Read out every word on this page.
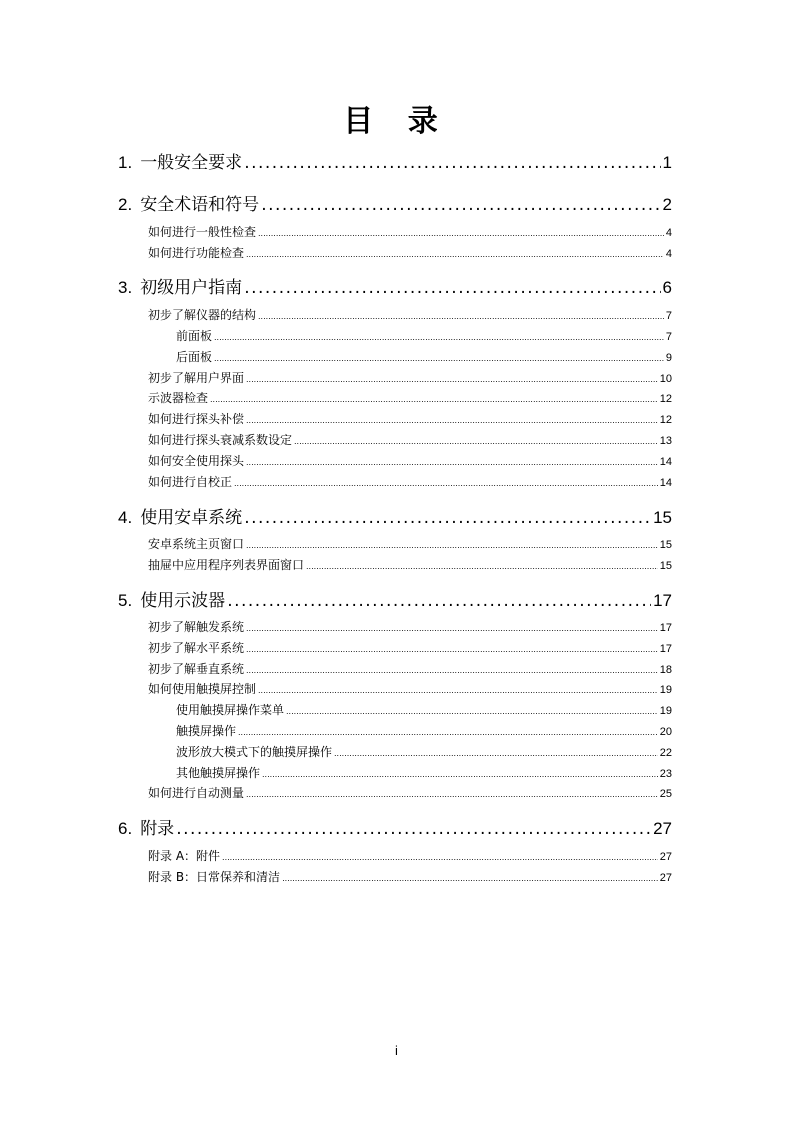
目 录
1. 一般安全要求 .....	1
2. 安全术语和符号 .....	2
如何进行一般性检查 .....	4
如何进行功能检查 .....	4
3. 初级用户指南 .....	6
初步了解仪器的结构 .....	7
前面板 .....	7
后面板 .....	9
初步了解用户界面 .....	10
示波器检查 .....	12
如何进行探头补偿 .....	12
如何进行探头衰减系数设定 .....	13
如何安全使用探头 .....	14
如何进行自校正 .....	14
4. 使用安卓系统 .....	15
安卓系统主页窗口 .....	15
抽屉中应用程序列表界面窗口 .....	15
5. 使用示波器 .....	17
初步了解触发系统 .....	17
初步了解水平系统 .....	17
初步了解垂直系统 .....	18
如何使用触摸屏控制 .....	19
使用触摸屏操作菜单 .....	19
触摸屏操作 .....	20
波形放大模式下的触摸屏操作 .....	22
其他触摸屏操作 .....	23
如何进行自动测量 .....	25
6. 附录 .....	27
附录 A：附件 .....	27
附录 B：日常保养和清洁 .....	27
i
